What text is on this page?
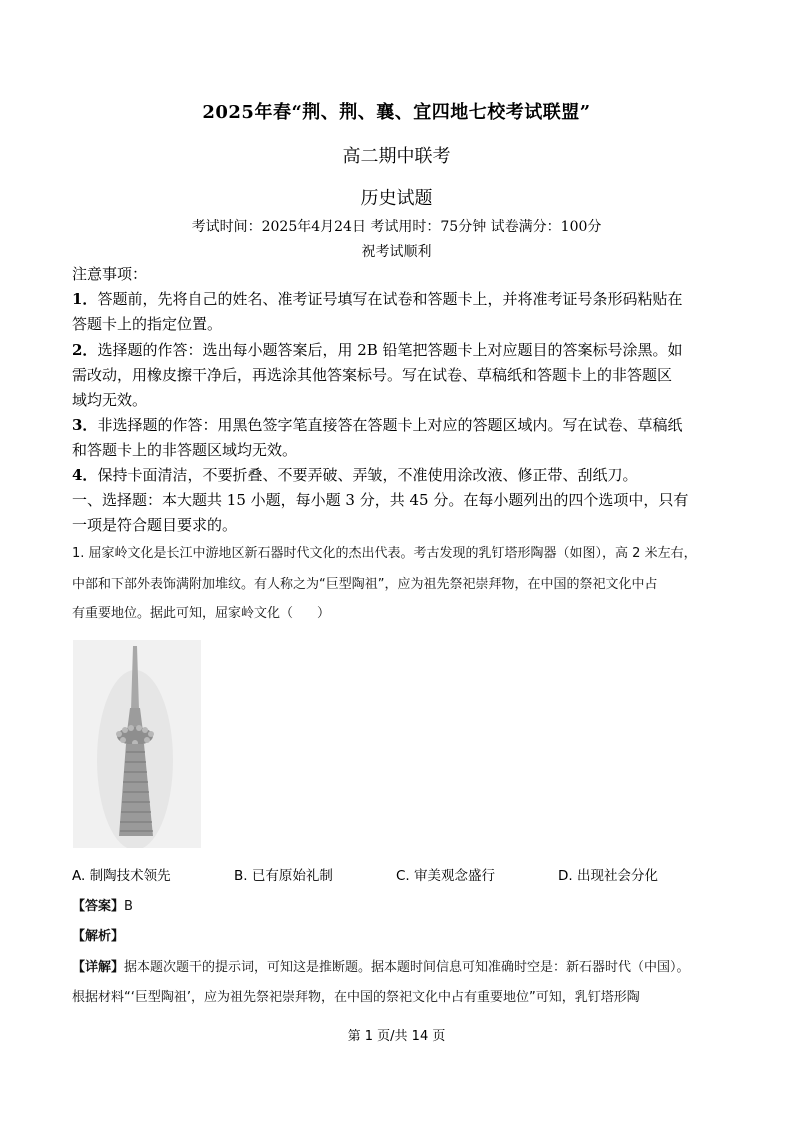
2025年春“荆、荆、襄、宜四地七校考试联盟”
高二期中联考
历史试题
考试时间：2025年4月24日 考试用时：75分钟 试卷满分：100分
祝考试顺利
注意事项：
1．答题前，先将自己的姓名、准考证号填写在试卷和答题卡上，并将准考证号条形码粘贴在
答题卡上的指定位置。
2．选择题的作答：选出每小题答案后，用 2B 铅笔把答题卡上对应题目的答案标号涂黑。如
需改动，用橡皮擦干净后，再选涂其他答案标号。写在试卷、草稿纸和答题卡上的非答题区
域均无效。
3．非选择题的作答：用黑色签字笔直接答在答题卡上对应的答题区域内。写在试卷、草稿纸
和答题卡上的非答题区域均无效。
4．保持卡面清洁，不要折叠、不要弄破、弄皱，不准使用涂改液、修正带、刮纸刀。
一、选择题：本大题共 15 小题，每小题 3 分，共 45 分。在每小题列出的四个选项中，只有
一项是符合题目要求的。
1. 屈家岭文化是长江中游地区新石器时代文化的杰出代表。考古发现的乳钉塔形陶器（如图），高 2 米左右，
中部和下部外表饰满附加堆纹。有人称之为“巨型陶祖”，应为祖先祭祀崇拜物，在中国的祭祀文化中占
有重要地位。据此可知，屈家岭文化（ ）
A. 制陶技术领先	B. 已有原始礼制	C. 审美观念盛行	D. 出现社会分化
【答案】B
【解析】
【详解】据本题次题干的提示词，可知这是推断题。据本题时间信息可知准确时空是：新石器时代（中国）。
根据材料“‘巨型陶祖’，应为祖先祭祀崇拜物，在中国的祭祀文化中占有重要地位”可知，乳钉塔形陶
第 1 页/共 14 页
